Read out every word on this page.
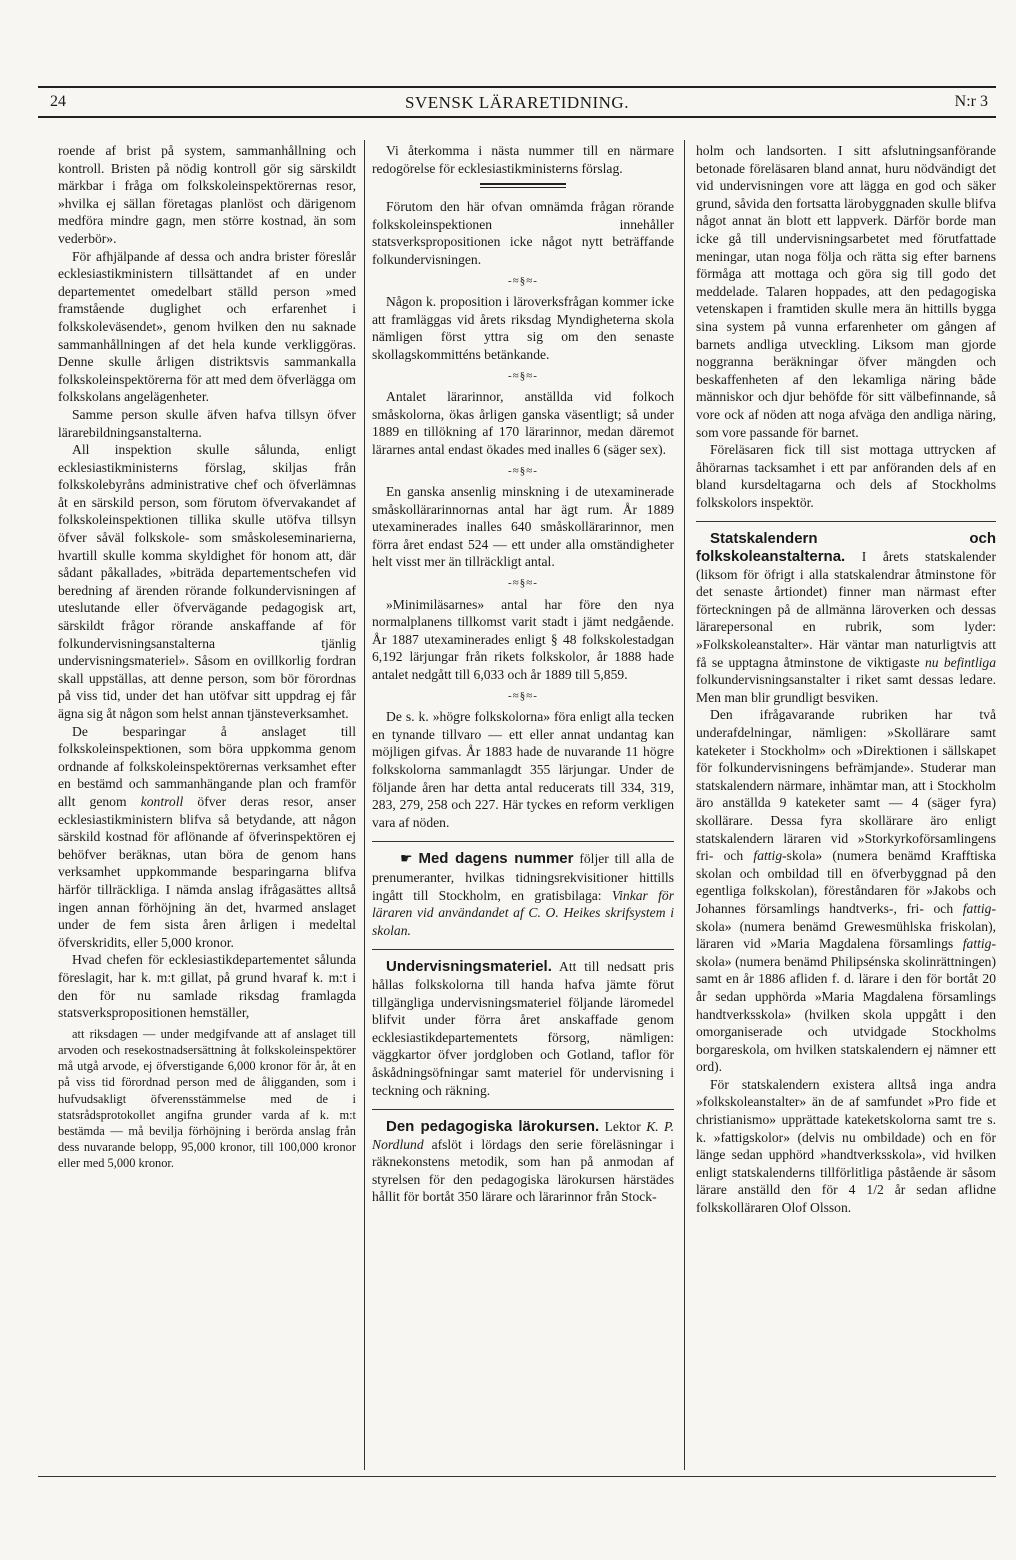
24	SVENSK LÄRARETIDNING.	N:r 3

roende af brist på system, sammanhållning och kontroll. Bristen på nödig kontroll gör sig särskildt märkbar i fråga om folkskoleinspektörernas resor, »hvilka ej sällan företagas planlöst och därigenom medföra mindre gagn, men större kostnad, än som vederbör».

För afhjälpande af dessa och andra brister föreslår ecklesiastikministern tillsättandet af en under departementet omedelbart ställd person »med framstående duglighet och erfarenhet i folkskoleväsendet», genom hvilken den nu saknade sammanhållningen af det hela kunde verkliggöras. Denne skulle årligen distriktsvis sammankalla folkskoleinspektörerna för att med dem öfverlägga om folkskolans angelägenheter.

Samme person skulle äfven hafva tillsyn öfver lärarebildningsanstalterna.

All inspektion skulle sålunda, enligt ecklesiastikministerns förslag, skiljas från folkskolebyråns administrative chef och öfverlämnas åt en särskild person, som förutom öfvervakandet af folkskoleinspektionen tillika skulle utöfva tillsyn öfver såväl folkskole- som småskoleseminarierna, hvartill skulle komma skyldighet för honom att, där sådant påkallades, »biträda departementschefen vid beredning af ärenden rörande folkundervisningen af uteslutande eller öfvervägande pedagogisk art, särskildt frågor rörande anskaffande af för folkundervisningsanstalterna tjänlig undervisningsmateriel». Såsom en ovillkorlig fordran skall uppställas, att denne person, som bör förordnas på viss tid, under det han utöfvar sitt uppdrag ej får ägna sig åt någon som helst annan tjänsteverksamhet.

De besparingar å anslaget till folkskoleinspektionen, som böra uppkomma genom ordnande af folkskoleinspektörernas verksamhet efter en bestämd och sammanhängande plan och framför allt genom kontroll öfver deras resor, anser ecklesiastikministern blifva så betydande, att någon särskild kostnad för aflönande af öfverinspektören ej behöfver beräknas, utan böra de genom hans verksamhet uppkommande besparingarna blifva härför tillräckliga. I nämda anslag ifrågasättes alltså ingen annan förhöjning än det, hvarmed anslaget under de fem sista åren årligen i medeltal öfverskridits, eller 5,000 kronor.

Hvad chefen för ecklesiastikdepartementet sålunda föreslagit, har k. m:t gillat, på grund hvaraf k. m:t i den för nu samlade riksdag framlagda statsverkspropositionen hemställer,

att riksdagen — under medgifvande att af anslaget till arvoden och resekostnadsersättning åt folkskoleinspektörer må utgå arvode, ej öfverstigande 6,000 kronor för år, åt en på viss tid förordnad person med de åligganden, som i hufvudsakligt öfverensstämmelse med de i statsrådsprotokollet angifna grunder varda af k. m:t bestämda — må bevilja förhöjning i berörda anslag från dess nuvarande belopp, 95,000 kronor, till 100,000 kronor eller med 5,000 kronor.

Vi återkomma i nästa nummer till en närmare redogörelse för ecklesiastikministerns förslag.

Förutom den här ofvan omnämda frågan rörande folkskoleinspektionen innehåller statsverkspropositionen icke något nytt beträffande folkundervisningen.

-≈§≈-

Någon k. proposition i läroverksfrågan kommer icke att framläggas vid årets riksdag Myndigheterna skola nämligen först yttra sig om den senaste skollagskommitténs betänkande.

-≈§≈-

Antalet lärarinnor, anställda vid folkoch småskolorna, ökas årligen ganska väsentligt; så under 1889 en tillökning af 170 lärarinnor, medan däremot lärarnes antal endast ökades med inalles 6 (säger sex).

-≈§≈-

En ganska ansenlig minskning i de utexaminerade småskollärarinnornas antal har ägt rum. År 1889 utexaminerades inalles 640 småskollärarinnor, men förra året endast 524 — ett under alla omständigheter helt visst mer än tillräckligt antal.

-≈§≈-

»Minimiläsarnes» antal har före den nya normalplanens tillkomst varit stadt i jämt nedgående. År 1887 utexaminerades enligt § 48 folkskolestadgan 6,192 lärjungar från rikets folkskolor, år 1888 hade antalet nedgått till 6,033 och år 1889 till 5,859.

-≈§≈-

De s. k. »högre folkskolorna» föra enligt alla tecken en tynande tillvaro — ett eller annat undantag kan möjligen gifvas. År 1883 hade de nuvarande 11 högre folkskolorna sammanlagdt 355 lärjungar. Under de följande åren har detta antal reducerats till 334, 319, 283, 279, 258 och 227. Här tyckes en reform verkligen vara af nöden.

☛ Med dagens nummer följer till alla de prenumeranter, hvilkas tidningsrekvisitioner hittills ingått till Stockholm, en gratisbilaga: Vinkar för läraren vid användandet af C. O. Heikes skrifsystem i skolan.

Undervisningsmateriel. Att till nedsatt pris hållas folkskolorna till handa hafva jämte förut tillgängliga undervisningsmateriel följande läromedel blifvit under förra året anskaffade genom ecklesiastikdepartementets försorg, nämligen: väggkartor öfver jordgloben och Gotland, taflor för åskådningsöfningar samt materiel för undervisning i teckning och räkning.

Den pedagogiska lärokursen. Lektor K. P. Nordlund afslöt i lördags den serie föreläsningar i räknekonstens metodik, som han på anmodan af styrelsen för den pedagogiska lärokursen härstädes hållit för bortåt 350 lärare och lärarinnor från Stock-

holm och landsorten. I sitt afslutningsanförande betonade föreläsaren bland annat, huru nödvändigt det vid undervisningen vore att lägga en god och säker grund, såvida den fortsatta lärobyggnaden skulle blifva något annat än blott ett lappverk. Därför borde man icke gå till undervisningsarbetet med förutfattade meningar, utan noga följa och rätta sig efter barnens förmåga att mottaga och göra sig till godo det meddelade. Talaren hoppades, att den pedagogiska vetenskapen i framtiden skulle mera än hittills bygga sina system på vunna erfarenheter om gången af barnets andliga utveckling. Liksom man gjorde noggranna beräkningar öfver mängden och beskaffenheten af den lekamliga näring både människor och djur behöfde för sitt välbefinnande, så vore ock af nöden att noga afväga den andliga näring, som vore passande för barnet.

Föreläsaren fick till sist mottaga uttrycken af åhörarnas tacksamhet i ett par anföranden dels af en bland kursdeltagarna och dels af Stockholms folkskolors inspektör.

Statskalendern och folkskoleanstalterna. I årets statskalender (liksom för öfrigt i alla statskalendrar åtminstone för det senaste årtiondet) finner man närmast efter förteckningen på de allmänna läroverken och dessas lärarepersonal en rubrik, som lyder: »Folkskoleanstalter». Här väntar man naturligtvis att få se upptagna åtminstone de viktigaste nu befintliga folkundervisningsanstalter i riket samt dessas ledare. Men man blir grundligt besviken.

Den ifrågavarande rubriken har två underafdelningar, nämligen: »Skollärare samt kateketer i Stockholm» och »Direktionen i sällskapet för folkundervisningens befrämjande». Studerar man statskalendern närmare, inhämtar man, att i Stockholm äro anställda 9 kateketer samt — 4 (säger fyra) skollärare. Dessa fyra skollärare äro enligt statskalendern läraren vid »Storkyrkoförsamlingens fri- och fattig-skola» (numera benämd Krafftiska skolan och ombildad till en öfverbyggnad på den egentliga folkskolan), föreståndaren för »Jakobs och Johannes församlings handtverks-, fri- och fattig-skola» (numera benämd Grewesmühlska friskolan), läraren vid »Maria Magdalena församlings fattig-skola» (numera benämd Philipsénska skolinrättningen) samt en år 1886 afliden f. d. lärare i den för bortåt 20 år sedan upphörda »Maria Magdalena församlings handtverksskola» (hvilken skola uppgått i den omorganiserade och utvidgade Stockholms borgareskola, om hvilken statskalendern ej nämner ett ord).

För statskalendern existera alltså inga andra »folkskoleanstalter» än de af samfundet »Pro fide et christianismo» upprättade kateketskolorna samt tre s. k. »fattigskolor» (delvis nu ombildade) och en för länge sedan upphörd »handtverksskola», vid hvilken enligt statskalenderns tillförlitliga påstående är såsom lärare anställd den för 4 1/2 år sedan aflidne folkskolläraren Olof Olsson.
